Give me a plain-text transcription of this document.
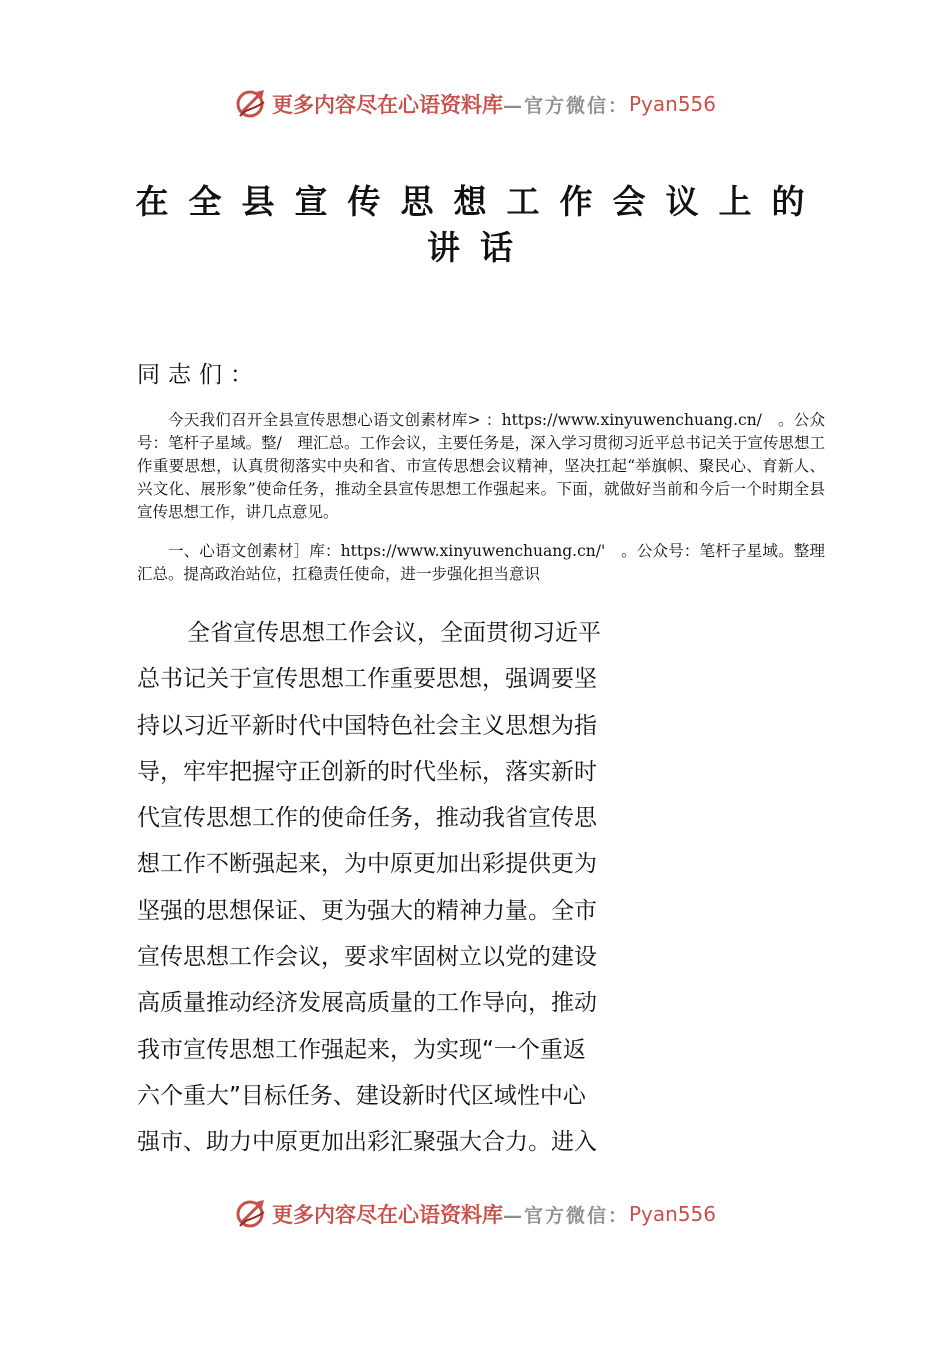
更多内容尽在心语资料库 —官方微信： Pyan556
在全县宣传思想工作会议上的
讲话
同志们：

今天我们召开全县宣传思想心语文创素材库> ：https://www.xinyuwenchuang.cn/　。公众号：笔杆子星域。整/　理汇总。工作会议，主要任务是，深入学习贯彻习近平总书记关于宣传思想工作重要思想，认真贯彻落实中央和省、市宣传思想会议精神，坚决扛起“举旗帜、聚民心、育新人、兴文化、展形象”使命任务，推动全县宣传思想工作强起来。下面，就做好当前和今后一个时期全县宣传思想工作，讲几点意见。

一、心语文创素材］库：https://www.xinyuwenchuang.cn/'　。公众号：笔杆子星域。整理汇总。提高政治站位，扛稳责任使命，进一步强化担当意识

全省宣传思想工作会议，全面贯彻习近平
总书记关于宣传思想工作重要思想，强调要坚
持以习近平新时代中国特色社会主义思想为指
导，牢牢把握守正创新的时代坐标，落实新时
代宣传思想工作的使命任务，推动我省宣传思
想工作不断强起来，为中原更加出彩提供更为
坚强的思想保证、更为强大的精神力量。全市
宣传思想工作会议，要求牢固树立以党的建设
高质量推动经济发展高质量的工作导向，推动
我市宣传思想工作强起来，为实现“一个重返
六个重大”目标任务、建设新时代区域性中心
强市、助力中原更加出彩汇聚强大合力。进入
更多内容尽在心语资料库 —官方微信： Pyan556
